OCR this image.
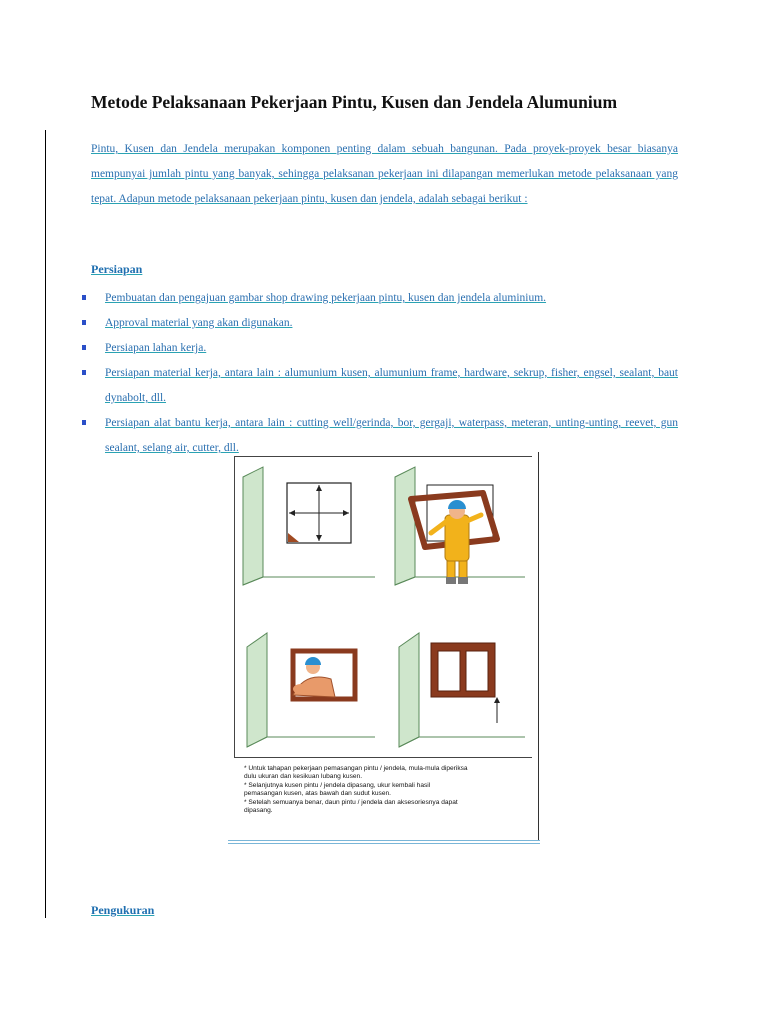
Metode Pelaksanaan Pekerjaan Pintu, Kusen dan Jendela Alumunium
Pintu, Kusen dan Jendela merupakan komponen penting dalam sebuah bangunan. Pada proyek-proyek besar biasanya mempunyai jumlah pintu yang banyak, sehingga pelaksanan pekerjaan ini dilapangan memerlukan metode pelaksanaan yang tepat. Adapun metode pelaksanaan pekerjaan pintu, kusen dan jendela, adalah sebagai berikut :
Persiapan
Pembuatan dan pengajuan gambar shop drawing pekerjaan pintu, kusen dan jendela aluminium.
Approval material yang akan digunakan.
Persiapan lahan kerja.
Persiapan material kerja, antara lain : alumunium kusen, alumunium frame, hardware, sekrup, fisher, engsel, sealant, baut dynabolt, dll.
Persiapan alat bantu kerja, antara lain : cutting well/gerinda, bor, gergaji, waterpass, meteran, unting-unting, reevet, gun sealant, selang air, cutter, dll.
* Untuk tahapan pekerjaan pemasangan pintu / jendela, mula-mula diperiksa
dulu ukuran dan kesikuan lubang kusen.
* Selanjutnya kusen pintu / jendela dipasang, ukur kembali hasil
pemasangan kusen, atas bawah dan sudut kusen.
* Setelah semuanya benar, daun pintu / jendela dan aksesoriesnya dapat
dipasang.
Pengukuran
